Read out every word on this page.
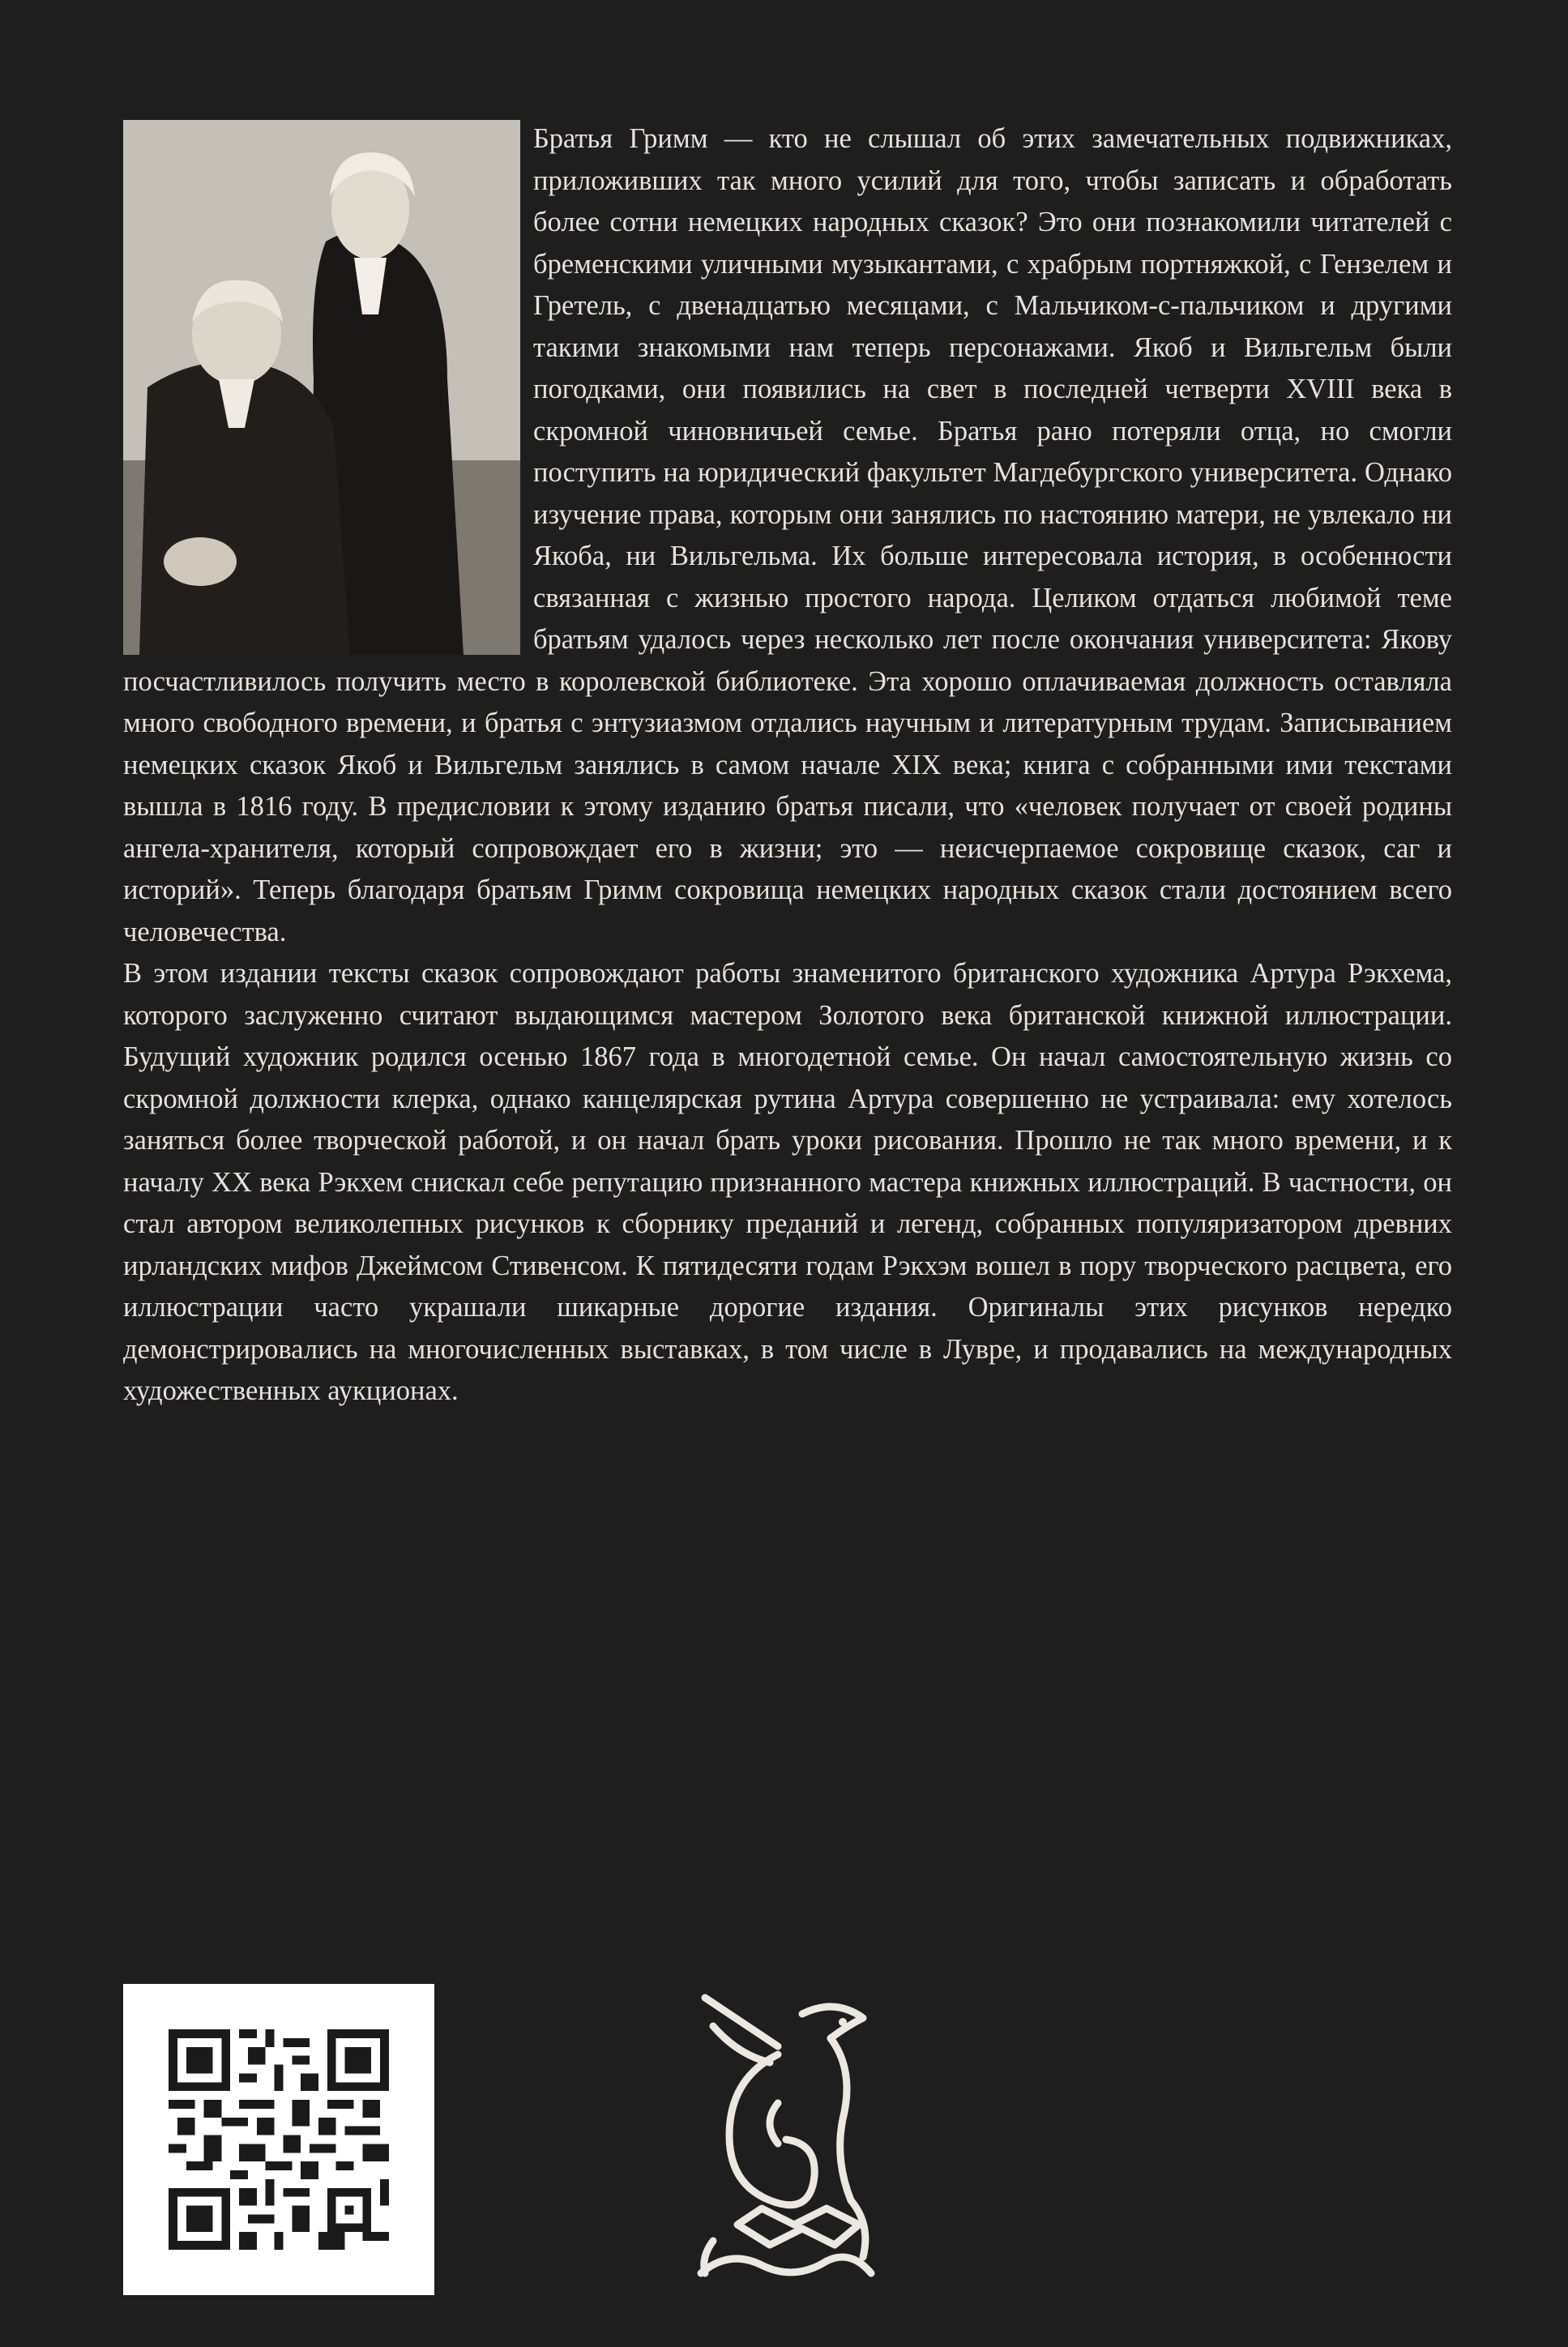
Братья Гримм — кто не слышал об этих замечательных подвижниках, приложивших так много усилий для того, чтобы записать и обработать более сотни немецких народных сказок? Это они познакомили читателей с бременскими уличными музыкантами, с храбрым портняжкой, с Гензелем и Гретель, с двенадцатью месяцами, с Мальчиком-с-пальчиком и другими такими знакомыми нам теперь персонажами. Якоб и Вильгельм были погодками, они появились на свет в последней четверти XVIII века в скромной чиновничьей семье. Братья рано потеряли отца, но смогли поступить на юридический факультет Магдебургского университета. Однако изучение права, которым они занялись по настоянию матери, не увлекало ни Якоба, ни Вильгельма. Их больше интересовала история, в особенности связанная с жизнью простого народа. Целиком отдаться любимой теме братьям удалось через несколько лет после окончания университета: Якову посчастливилось получить место в королевской библиотеке. Эта хорошо оплачиваемая должность оставляла много свободного времени, и братья с энтузиазмом отдались научным и литературным трудам. Записыванием немецких сказок Якоб и Вильгельм занялись в самом начале XIX века; книга с собранными ими текстами вышла в 1816 году. В предисловии к этому изданию братья писали, что «человек получает от своей родины ангела-хранителя, который сопровождает его в жизни; это — неисчерпаемое сокровище сказок, саг и историй». Теперь благодаря братьям Гримм сокровища немецких народных сказок стали достоянием всего человечества.

В этом издании тексты сказок сопровождают работы знаменитого британского художника Артура Рэкхема, которого заслуженно считают выдающимся мастером Золотого века британской книжной иллюстрации. Будущий художник родился осенью 1867 года в многодетной семье. Он начал самостоятельную жизнь со скромной должности клерка, однако канцелярская рутина Артура совершенно не устраивала: ему хотелось заняться более творческой работой, и он начал брать уроки рисования. Прошло не так много времени, и к началу XX века Рэкхем снискал себе репутацию признанного мастера книжных иллюстраций. В частности, он стал автором великолепных рисунков к сборнику преданий и легенд, собранных популяризатором древних ирландских мифов Джеймсом Стивенсом. К пятидесяти годам Рэкхэм вошел в пору творческого расцвета, его иллюстрации часто украшали шикарные дорогие издания. Оригиналы этих рисунков нередко демонстрировались на многочисленных выставках, в том числе в Лувре, и продавались на международных художественных аукционах.
